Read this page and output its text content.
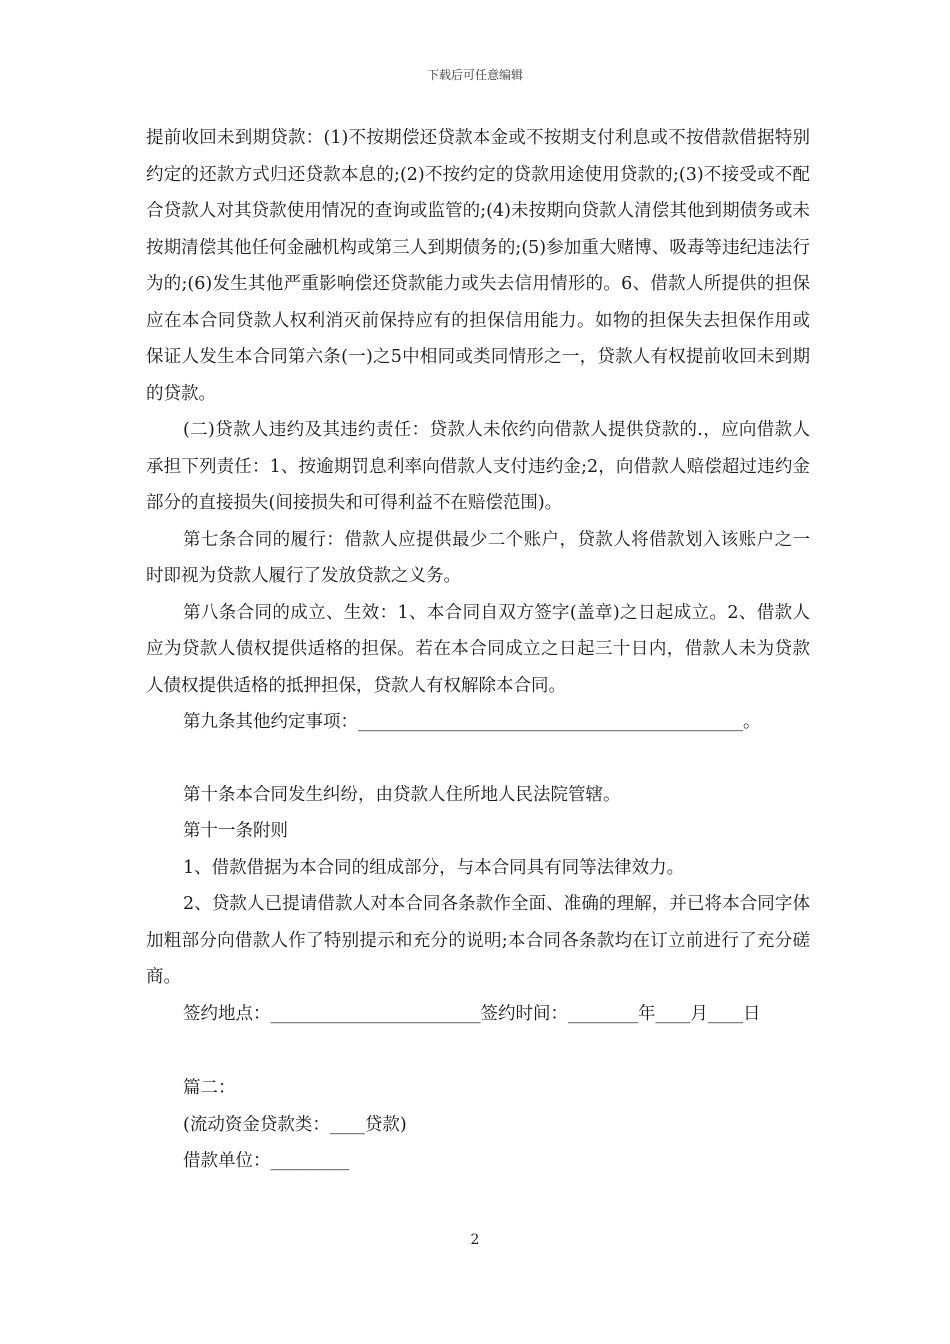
下载后可任意编辑

提前收回未到期贷款：(1)不按期偿还贷款本金或不按期支付利息或不按借款借据特别约定的还款方式归还贷款本息的;(2)不按约定的贷款用途使用贷款的;(3)不接受或不配合贷款人对其贷款使用情况的查询或监管的;(4)未按期向贷款人清偿其他到期债务或未按期清偿其他任何金融机构或第三人到期债务的;(5)参加重大赌博、吸毒等违纪违法行为的;(6)发生其他严重影响偿还贷款能力或失去信用情形的。6、借款人所提供的担保应在本合同贷款人权利消灭前保持应有的担保信用能力。如物的担保失去担保作用或保证人发生本合同第六条(一)之5中相同或类同情形之一，贷款人有权提前收回未到期的贷款。

(二)贷款人违约及其违约责任：贷款人未依约向借款人提供贷款的.，应向借款人承担下列责任：1、按逾期罚息利率向借款人支付违约金;2，向借款人赔偿超过违约金部分的直接损失(间接损失和可得利益不在赔偿范围)。

第七条合同的履行：借款人应提供最少二个账户，贷款人将借款划入该账户之一时即视为贷款人履行了发放贷款之义务。

第八条合同的成立、生效：1、本合同自双方签字(盖章)之日起成立。2、借款人应为贷款人债权提供适格的担保。若在本合同成立之日起三十日内，借款人未为贷款人债权提供适格的抵押担保，贷款人有权解除本合同。

第九条其他约定事项：____________________________________________。

第十条本合同发生纠纷，由贷款人住所地人民法院管辖。

第十一条附则

1、借款借据为本合同的组成部分，与本合同具有同等法律效力。

2、贷款人已提请借款人对本合同各条款作全面、准确的理解，并已将本合同字体加粗部分向借款人作了特别提示和充分的说明;本合同各条款均在订立前进行了充分磋商。

签约地点：________________________签约时间：________年____月____日

篇二：

(流动资金贷款类：____贷款)

借款单位：_________

2
